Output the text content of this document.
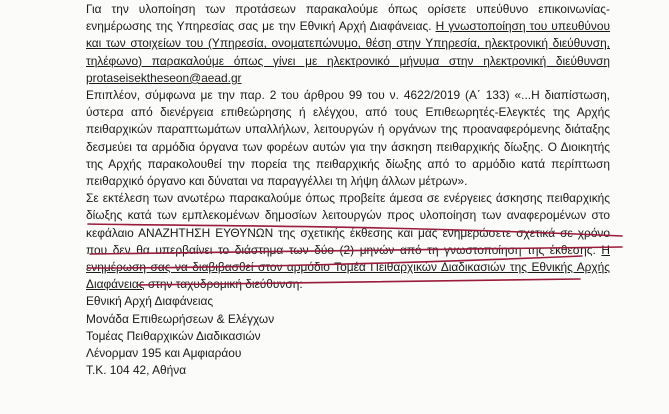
Για την υλοποίηση των προτάσεων παρακαλούμε όπως ορίσετε υπεύθυνο επικοινωνίας-ενημέρωσης της Υπηρεσίας σας με την Εθνική Αρχή Διαφάνειας. Η γνωστοποίηση του υπευθύνου και των στοιχείων του (Υπηρεσία, ονοματεπώνυμο, θέση στην Υπηρεσία, ηλεκτρονική διεύθυνση, τηλέφωνο) παρακαλούμε όπως γίνει με ηλεκτρονικό μήνυμα στην ηλεκτρονική διεύθυνση protaseisektheseon@aead.gr

Επιπλέον, σύμφωνα με την παρ. 2 του άρθρου 99 του ν. 4622/2019 (Α΄ 133) «...Η διαπίστωση, ύστερα από διενέργεια επιθεώρησης ή ελέγχου, από τους Επιθεωρητές-Ελεγκτές της Αρχής πειθαρχικών παραπτωμάτων υπαλλήλων, λειτουργών ή οργάνων της προαναφερόμενης διάταξης δεσμεύει τα αρμόδια όργανα των φορέων αυτών για την άσκηση πειθαρχικής δίωξης. Ο Διοικητής της Αρχής παρακολουθεί την πορεία της πειθαρχικής δίωξης από το αρμόδιο κατά περίπτωση πειθαρχικό όργανο και δύναται να παραγγέλλει τη λήψη άλλων μέτρων».

Σε εκτέλεση των ανωτέρω παρακαλούμε όπως προβείτε άμεσα σε ενέργειες άσκησης πειθαρχικής δίωξης κατά των εμπλεκομένων δημοσίων λειτουργών προς υλοποίηση των αναφερομένων στο κεφάλαιο ΑΝΑΖΗΤΗΣΗ ΕΥΘΥΝΩΝ της σχετικής έκθεσης και μας ενημερώσετε σχετικά σε χρόνο που δεν θα υπερβαίνει το διάστημα των δύο (2) μηνών από τη γνωστοποίηση της έκθεσης. Η ενημέρωση σας να διαβιβασθεί στον αρμόδιο Τομέα Πειθαρχικών Διαδικασιών της Εθνικής Αρχής Διαφάνειας στην ταχυδρομική διεύθυνση:

Εθνική Αρχή Διαφάνειας

Μονάδα Επιθεωρήσεων & Ελέγχων

Τομέας Πειθαρχικών Διαδικασιών

Λένορμαν 195 και Αμφιαράου

Τ.Κ. 104 42, Αθήνα
